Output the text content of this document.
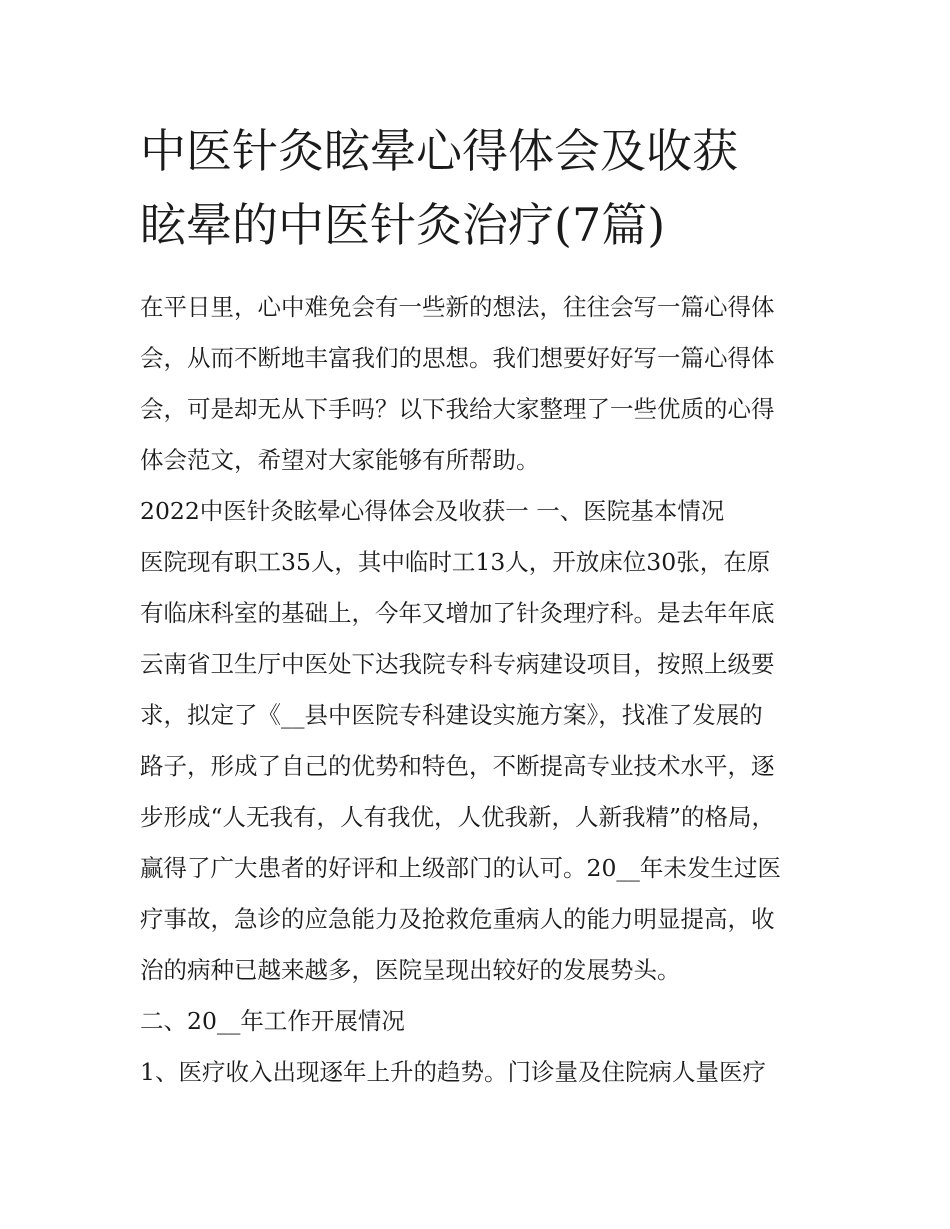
中医针灸眩晕心得体会及收获
眩晕的中医针灸治疗(7篇)

在平日里，心中难免会有一些新的想法，往往会写一篇心得体
会，从而不断地丰富我们的思想。我们想要好好写一篇心得体
会，可是却无从下手吗？以下我给大家整理了一些优质的心得
体会范文，希望对大家能够有所帮助。

2022中医针灸眩晕心得体会及收获一 一、医院基本情况

医院现有职工35人，其中临时工13人，开放床位30张，在原
有临床科室的基础上，今年又增加了针灸理疗科。是去年年底
云南省卫生厅中医处下达我院专科专病建设项目，按照上级要
求，拟定了《__县中医院专科建设实施方案》，找准了发展的
路子，形成了自己的优势和特色，不断提高专业技术水平，逐
步形成“人无我有，人有我优，人优我新，人新我精”的格局，
赢得了广大患者的好评和上级部门的认可。20__年未发生过医
疗事故，急诊的应急能力及抢救危重病人的能力明显提高，收
治的病种已越来越多，医院呈现出较好的发展势头。

二、20__年工作开展情况

1、医疗收入出现逐年上升的趋势。门诊量及住院病人量医疗
